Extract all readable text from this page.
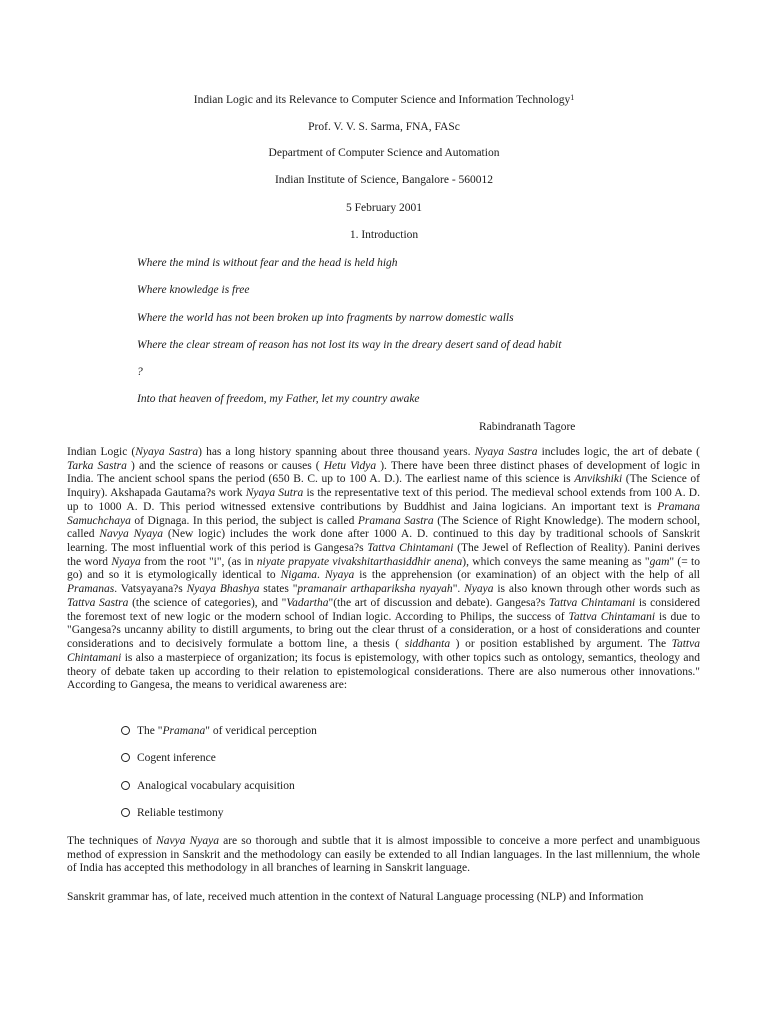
Indian Logic and its Relevance to Computer Science and Information Technology$^1$
Prof. V. V. S. Sarma, FNA, FASc
Department of Computer Science and Automation
Indian Institute of Science, Bangalore - 560012
5 February 2001
1. Introduction
Where the mind is without fear and the head is held high
Where knowledge is free
Where the world has not been broken up into fragments by narrow domestic walls
Where the clear stream of reason has not lost its way in the dreary desert sand of dead habit
?
Into that heaven of freedom, my Father, let my country awake
Rabindranath Tagore
Indian Logic (Nyaya Sastra) has a long history spanning about three thousand years. Nyaya Sastra includes logic, the art of debate ( Tarka Sastra ) and the science of reasons or causes ( Hetu Vidya ). There have been three distinct phases of development of logic in India. The ancient school spans the period (650 B. C. up to 100 A. D.). The earliest name of this science is Anvikshiki (The Science of Inquiry). Akshapada Gautama?s work Nyaya Sutra is the representative text of this period. The medieval school extends from 100 A. D. up to 1000 A. D. This period witnessed extensive contributions by Buddhist and Jaina logicians. An important text is Pramana Samuchchaya of Dignaga. In this period, the subject is called Pramana Sastra (The Science of Right Knowledge). The modern school, called Navya Nyaya (New logic) includes the work done after 1000 A. D. continued to this day by traditional schools of Sanskrit learning. The most influential work of this period is Gangesa?s Tattva Chintamani (The Jewel of Reflection of Reality). Panini derives the word Nyaya from the root "i", (as in niyate prapyate vivakshitarthasiddhir anena), which conveys the same meaning as "gam" (= to go) and so it is etymologically identical to Nigama. Nyaya is the apprehension (or examination) of an object with the help of all Pramanas. Vatsyayana?s Nyaya Bhashya states "pramanair arthapariksha nyayah". Nyaya is also known through other words such as Tattva Sastra (the science of categories), and "Vadartha"(the art of discussion and debate). Gangesa?s Tattva Chintamani is considered the foremost text of new logic or the modern school of Indian logic. According to Philips, the success of Tattva Chintamani is due to "Gangesa?s uncanny ability to distill arguments, to bring out the clear thrust of a consideration, or a host of considerations and counter considerations and to decisively formulate a bottom line, a thesis ( siddhanta ) or position established by argument. The Tattva Chintamani is also a masterpiece of organization; its focus is epistemology, with other topics such as ontology, semantics, theology and theory of debate taken up according to their relation to epistemological considerations. There are also numerous other innovations." According to Gangesa, the means to veridical awareness are:
The "Pramana" of veridical perception
Cogent inference
Analogical vocabulary acquisition
Reliable testimony
The techniques of Navya Nyaya are so thorough and subtle that it is almost impossible to conceive a more perfect and unambiguous method of expression in Sanskrit and the methodology can easily be extended to all Indian languages. In the last millennium, the whole of India has accepted this methodology in all branches of learning in Sanskrit language.
Sanskrit grammar has, of late, received much attention in the context of Natural Language processing (NLP) and Information
